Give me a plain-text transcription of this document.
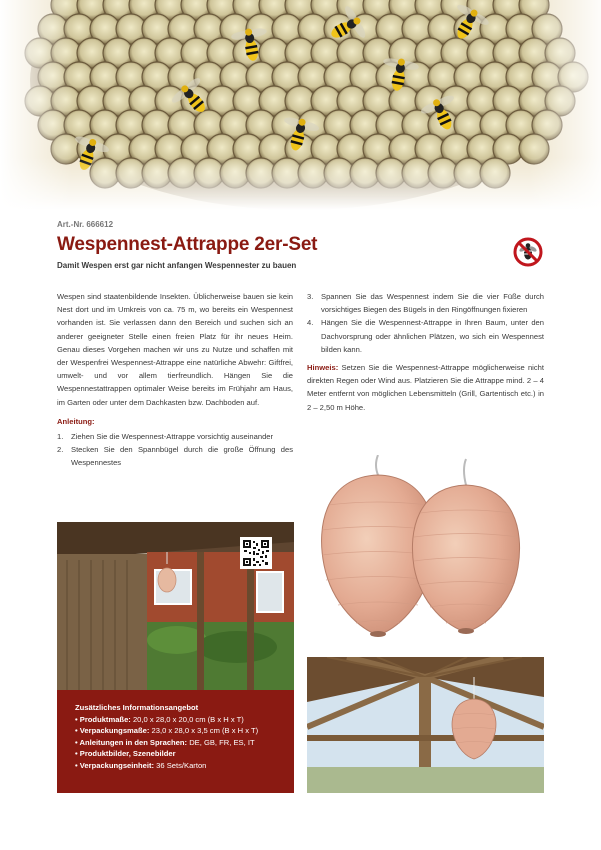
Art.-Nr. 666612
Wespennest-Attrappe 2er-Set
Damit Wespen erst gar nicht anfangen Wespennester zu bauen

Wespen sind staatenbildende Insekten. Üblicherweise bauen sie kein Nest dort und im Umkreis von ca. 75 m, wo bereits ein Wespennest vorhanden ist. Sie verlassen dann den Bereich und suchen sich an anderer geeigneter Stelle einen freien Platz für ihr neues Heim. Genau dieses Vorgehen machen wir uns zu Nutze und schaffen mit der Wespenfrei Wespennest-Attrappe eine natürliche Abwehr: Giftfrei, umwelt- und vor allem tierfreundlich. Hängen Sie die Wespennestattrappen optimaler Weise bereits im Frühjahr am Haus, im Garten oder unter dem Dachkasten bzw. Dachboden auf.

Anleitung:
1.	Ziehen Sie die Wespennest-Attrappe vorsichtig auseinander
2.	Stecken Sie den Spannbügel durch die große Öffnung des Wespennestes
3.	Spannen Sie das Wespennest indem Sie die vier Füße durch vorsichtiges Biegen des Bügels in den Ringöffnungen fixieren
4.	Hängen Sie die Wespennest-Attrappe in Ihren Baum, unter den Dachvorsprung oder ähnlichen Plätzen, wo sich ein Wespennest bilden kann.

Hinweis: Setzen Sie die Wespennest-Attrappe möglicherweise nicht direkten Regen oder Wind aus. Platzieren Sie die Attrappe mind. 2 – 4 Meter entfernt von möglichen Lebensmitteln (Grill, Gartentisch etc.) in 2 – 2,50 m Höhe.

Zusätzliches Informationsangebot
• Produktmaße: 20,0 x 28,0 x 20,0 cm (B x H x T)
• Verpackungsmaße: 23,0 x 28,0 x 3,5 cm (B x H x T)
• Anleitungen in den Sprachen: DE, GB, FR, ES, IT
• Produktbilder, Szenebilder
• Verpackungseinheit: 36 Sets/Karton
